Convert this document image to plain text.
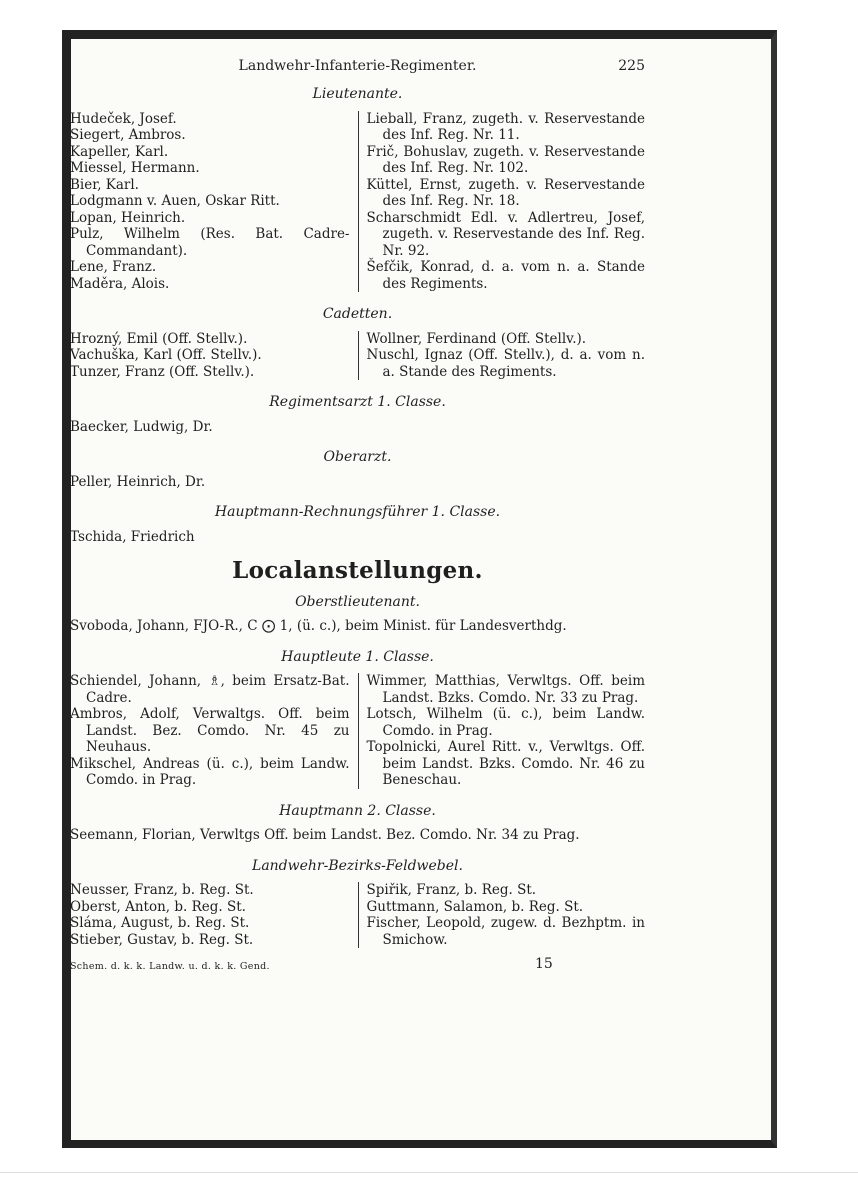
Landwehr-Infanterie-Regimenter.	225
Lieutenante.
Hudeček, Josef.
Siegert, Ambros.
Kapeller, Karl.
Miessel, Hermann.
Bier, Karl.
Lodgmann v. Auen, Oskar Ritt.
Lopan, Heinrich.
Pulz, Wilhelm (Res. Bat. Cadre-Commandant).
Lene, Franz.
Maděra, Alois.
Lieball, Franz, zugeth. v. Reservestande des Inf. Reg. Nr. 11.
Frič, Bohuslav, zugeth. v. Reservestande des Inf. Reg. Nr. 102.
Küttel, Ernst, zugeth. v. Reservestande des Inf. Reg. Nr. 18.
Scharschmidt Edl. v. Adlertreu, Josef, zugeth. v. Reservestande des Inf. Reg. Nr. 92.
Šefčik, Konrad, d. a. vom n. a. Stande des Regiments.
Cadetten.
Hrozný, Emil (Off. Stellv.).
Vachuška, Karl (Off. Stellv.).
Tunzer, Franz (Off. Stellv.).
Wollner, Ferdinand (Off. Stellv.).
Nuschl, Ignaz (Off. Stellv.), d. a. vom n. a. Stande des Regiments.
Regimentsarzt 1. Classe.
Baecker, Ludwig, Dr.
Oberarzt.
Peller, Heinrich, Dr.
Hauptmann-Rechnungsführer 1. Classe.
Tschida, Friedrich
Localanstellungen.
Oberstlieutenant.
Svoboda, Johann, FJO-R., C ⨀ 1, (ü. c.), beim Minist. für Landesverthdg.
Hauptleute 1. Classe.
Schiendel, Johann, ♗, beim Ersatz-Bat. Cadre.
Ambros, Adolf, Verwaltgs. Off. beim Landst. Bez. Comdo. Nr. 45 zu Neuhaus.
Mikschel, Andreas (ü. c.), beim Landw. Comdo. in Prag.
Wimmer, Matthias, Verwltgs. Off. beim Landst. Bzks. Comdo. Nr. 33 zu Prag.
Lotsch, Wilhelm (ü. c.), beim Landw. Comdo. in Prag.
Topolnicki, Aurel Ritt. v., Verwltgs. Off. beim Landst. Bzks. Comdo. Nr. 46 zu Beneschau.
Hauptmann 2. Classe.
Seemann, Florian, Verwltgs Off. beim Landst. Bez. Comdo. Nr. 34 zu Prag.
Landwehr-Bezirks-Feldwebel.
Neusser, Franz, b. Reg. St.
Oberst, Anton, b. Reg. St.
Sláma, August, b. Reg. St.
Stieber, Gustav, b. Reg. St.
Spiřik, Franz, b. Reg. St.
Guttmann, Salamon, b. Reg. St.
Fischer, Leopold, zugew. d. Bezhptm. in Smichow.
Schem. d. k. k. Landw. u. d. k. k. Gend.	15
